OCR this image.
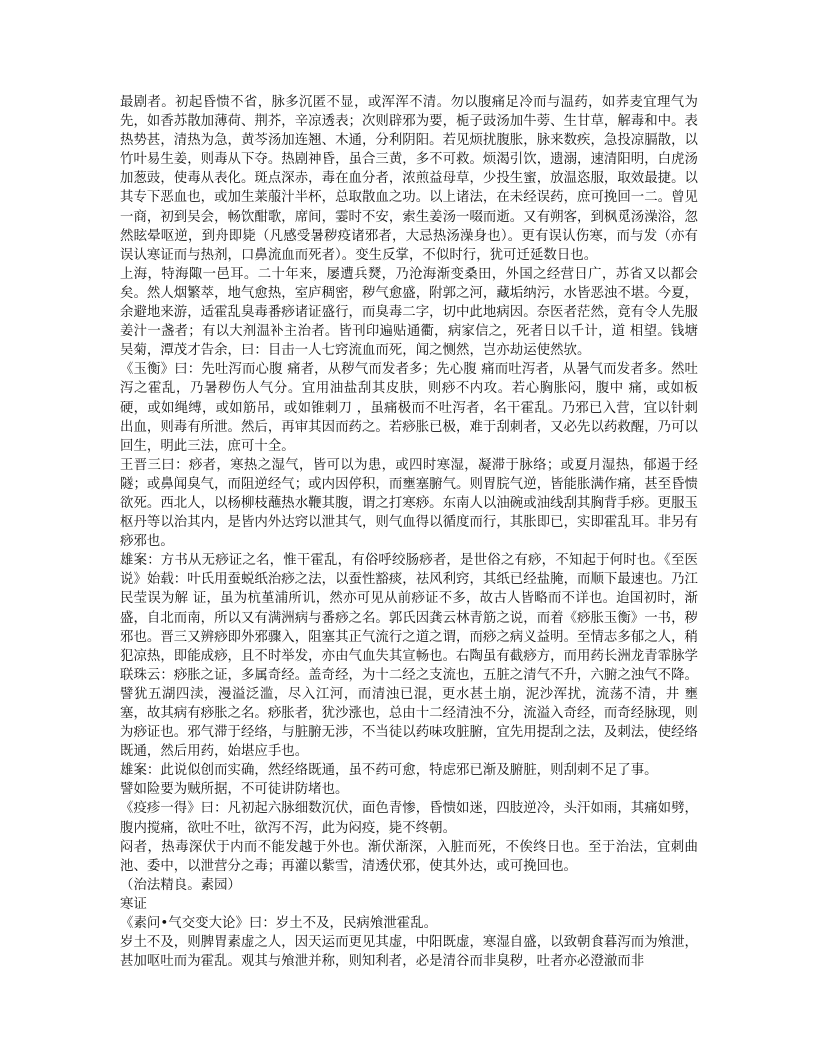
最剧者。初起昏愦不省，脉多沉匿不显，或浑浑不清。勿以腹痛足冷而与温药，如荞麦宜理气为先，如香苏散加薄荷、荆芥，辛凉透表；次则辟邪为要，栀子豉汤加牛蒡、生甘草，解毒和中。表热势甚，清热为急，黄芩汤加连翘、木通，分利阴阳。若见烦扰腹胀，脉来数疾，急投凉膈散，以竹叶易生姜，则毒从下夺。热剧神昏，虽合三黄，多不可救。烦渴引饮，遗溺，速清阳明，白虎汤加葱豉，使毒从表化。斑点深赤，毒在血分者，浓煎益母草，少投生蜜，放温恣服，取效最捷。以其专下恶血也，或加生莱菔汁半杯，总取散血之功。以上诸法，在未经误药，庶可挽回一二。曾见一商，初到吴会，畅饮酣歌，席间，霎时不安，索生姜汤一啜而逝。又有朔客，到枫觅汤澡浴，忽然眩晕呕逆，到舟即毙（凡感受暑秽疫诸邪者，大忌热汤澡身也）。更有误认伤寒，而与发（亦有误认寒证而与热剂，口鼻流血而死者）。变生反掌，不似时行，犹可迁延数日也。

上海，特海陬一邑耳。二十年来，屡遭兵燹，乃沧海渐变桑田，外国之经营日广，苏省又以都会矣。然人烟繁萃，地气愈热，室庐稠密，秽气愈盛，附郭之河，藏垢纳污，水皆恶浊不堪。今夏，余避地来游，适霍乱臭毒番痧诸证盛行，而臭毒二字，切中此地病因。奈医者茫然，竟有令人先服姜汁一盏者；有以大剂温补主治者。皆刊印遍贴通衢，病家信之，死者日以千计，道 相望。钱塘吴菊，潭茂才告余，曰：目击一人七窍流血而死，闻之恻然，岂亦劫运使然欤。

《玉衡》曰：先吐泻而心腹 痛者，从秽气而发者多；先心腹 痛而吐泻者，从暑气而发者多。然吐泻之霍乱，乃暑秽伤人气分。宜用油盐刮其皮肤，则痧不内攻。若心胸胀闷，腹中 痛，或如板硬，或如绳缚，或如筋吊，或如锥刺刀 ，虽痛极而不吐泻者，名干霍乱。乃邪已入营，宜以针刺出血，则毒有所泄。然后，再审其因而药之。若痧胀已极，难于刮刺者，又必先以药救醒，乃可以回生，明此三法，庶可十全。

王晋三曰：痧者，寒热之湿气，皆可以为患，或四时寒湿，凝滞于脉络；或夏月湿热，郁遏于经隧；或鼻闻臭气，而阻逆经气；或内因停积，而壅塞腑气。则胃脘气逆，皆能胀满作痛，甚至昏愦欲死。西北人，以杨柳枝蘸热水鞭其腹，谓之打寒痧。东南人以油碗或油线刮其胸背手痧。更服玉枢丹等以治其内，是皆内外达窍以泄其气，则气血得以循度而行，其胀即已，实即霍乱耳。非另有痧邪也。

雄案：方书从无痧证之名，惟干霍乱，有俗呼绞肠痧者，是世俗之有痧，不知起于何时也。《至医说》始载：叶氏用蚕蜕纸治痧之法，以蚕性豁痰，祛风利窍，其纸已经盐腌，而顺下最速也。乃江民莹误为解 证，虽为杭堇浦所讥，然亦可见从前痧证不多，故古人皆略而不详也。迨国初时，渐盛，自北而南，所以又有满洲病与番痧之名。郭氏因龚云林青筋之说，而着《痧胀玉衡》一书，秽邪也。晋三又辨痧即外邪骤入，阻塞其正气流行之道之谓，而痧之病义益明。至情志多郁之人，稍犯凉热，即能成痧，且不时举发，亦由气血失其宣畅也。右陶虽有截痧方，而用药长洲龙青霏脉学联珠云：痧胀之证，多属奇经。盖奇经，为十二经之支流也，五脏之清气不升，六腑之浊气不降。譬犹五湖四渎，漫溢泛滥，尽入江河，而清浊已混，更水甚土崩，泥沙浑扰，流荡不清，井 壅塞，故其病有痧胀之名。痧胀者，犹沙涨也，总由十二经清浊不分，流溢入奇经，而奇经脉现，则为痧证也。邪气滞于经络，与脏腑无涉，不当徒以药味攻脏腑，宜先用提刮之法，及刺法，使经络既通，然后用药，始堪应手也。

雄案：此说似创而实确，然经络既通，虽不药可愈，特虑邪已渐及腑脏，则刮刺不足了事。

譬如险要为贼所据，不可徒讲防堵也。

《疫疹一得》曰：凡初起六脉细数沉伏，面色青惨，昏愦如迷，四肢逆冷，头汗如雨，其痛如劈，腹内搅痛，欲吐不吐，欲泻不泻，此为闷疫，毙不终朝。

闷者，热毒深伏于内而不能发越于外也。渐伏渐深，入脏而死，不俟终日也。至于治法，宜刺曲池、委中，以泄营分之毒；再灌以紫雪，清透伏邪，使其外达，或可挽回也。

（治法精良。素园）

寒证

《素问•气交变大论》曰：岁土不及，民病飧泄霍乱。

岁土不及，则脾胃素虚之人，因天运而更见其虚，中阳既虚，寒湿自盛，以致朝食暮泻而为飧泄，甚加呕吐而为霍乱。观其与飧泄并称，则知利者，必是清谷而非臭秽，吐者亦必澄澈而非
